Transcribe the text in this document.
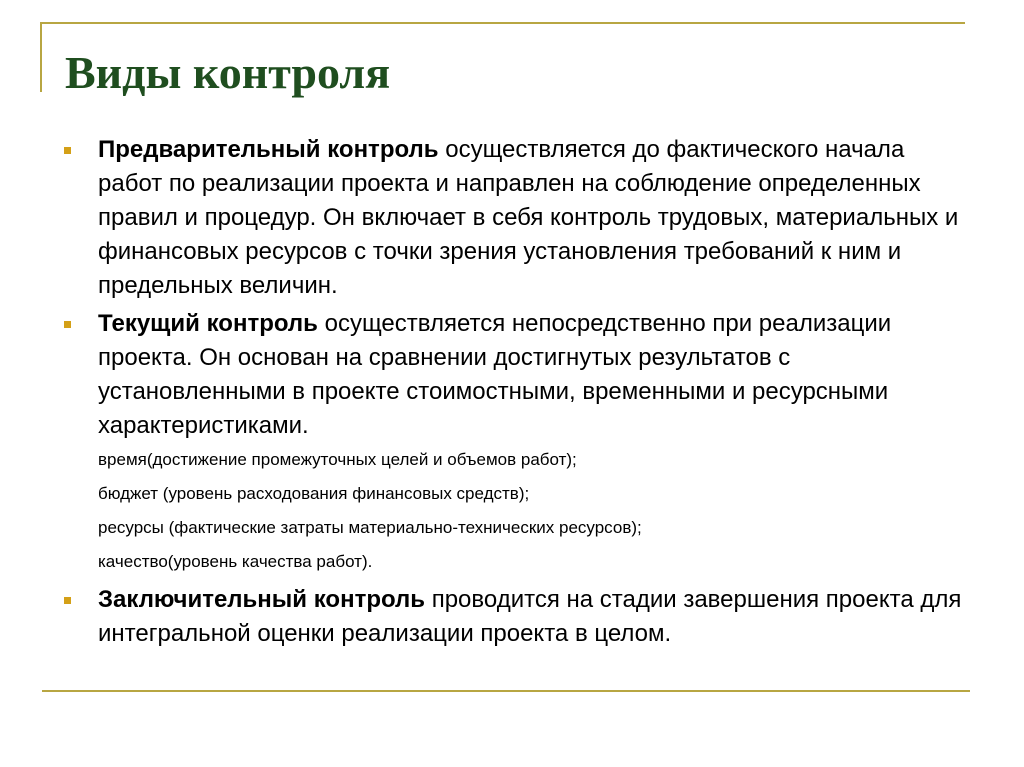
Виды контроля
Предварительный контроль осуществляется до фактического начала работ по реализации проекта и направлен на соблюдение определенных правил и процедур. Он включает в себя контроль трудовых, материальных и финансовых ресурсов с точки зрения установления требований к ним и предельных величин.
Текущий контроль осуществляется непосредственно при реализации проекта. Он основан на сравнении достигнутых результатов с установленными в проекте стоимостными, временными и ресурсными характеристиками.
время(достижение промежуточных целей и объемов работ);
бюджет (уровень расходования финансовых средств);
ресурсы (фактические затраты материально-технических ресурсов);
качество(уровень качества работ).
Заключительный контроль проводится на стадии завершения проекта для интегральной оценки реализации проекта в целом.
